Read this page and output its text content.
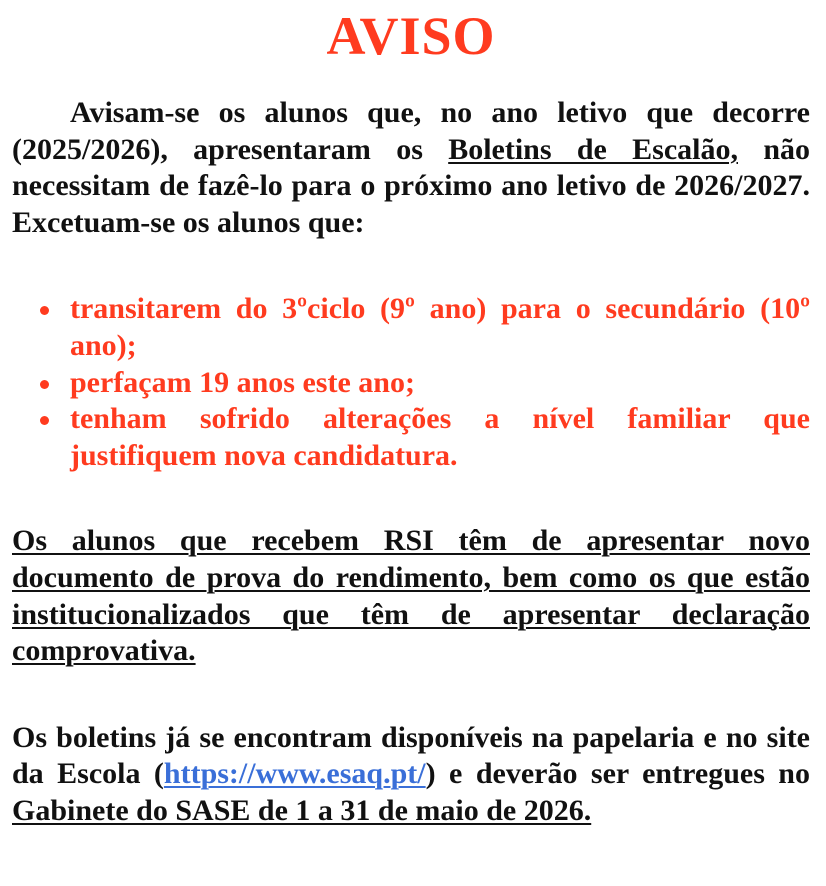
AVISO

Avisam-se os alunos que, no ano letivo que decorre (2025/2026), apresentaram os Boletins de Escalão, não necessitam de fazê-lo para o próximo ano letivo de 2026/2027. Excetuam-se os alunos que:

transitarem do 3ºciclo (9º ano) para o secundário (10º ano);
perfaçam 19 anos este ano;
tenham sofrido alterações a nível familiar que justifiquem nova candidatura.

Os alunos que recebem RSI têm de apresentar novo documento de prova do rendimento, bem como os que estão institucionalizados que têm de apresentar declaração comprovativa.

Os boletins já se encontram disponíveis na papelaria e no site da Escola (https://www.esaq.pt/) e deverão ser entregues no Gabinete do SASE de 1 a 31 de maio de 2026.
